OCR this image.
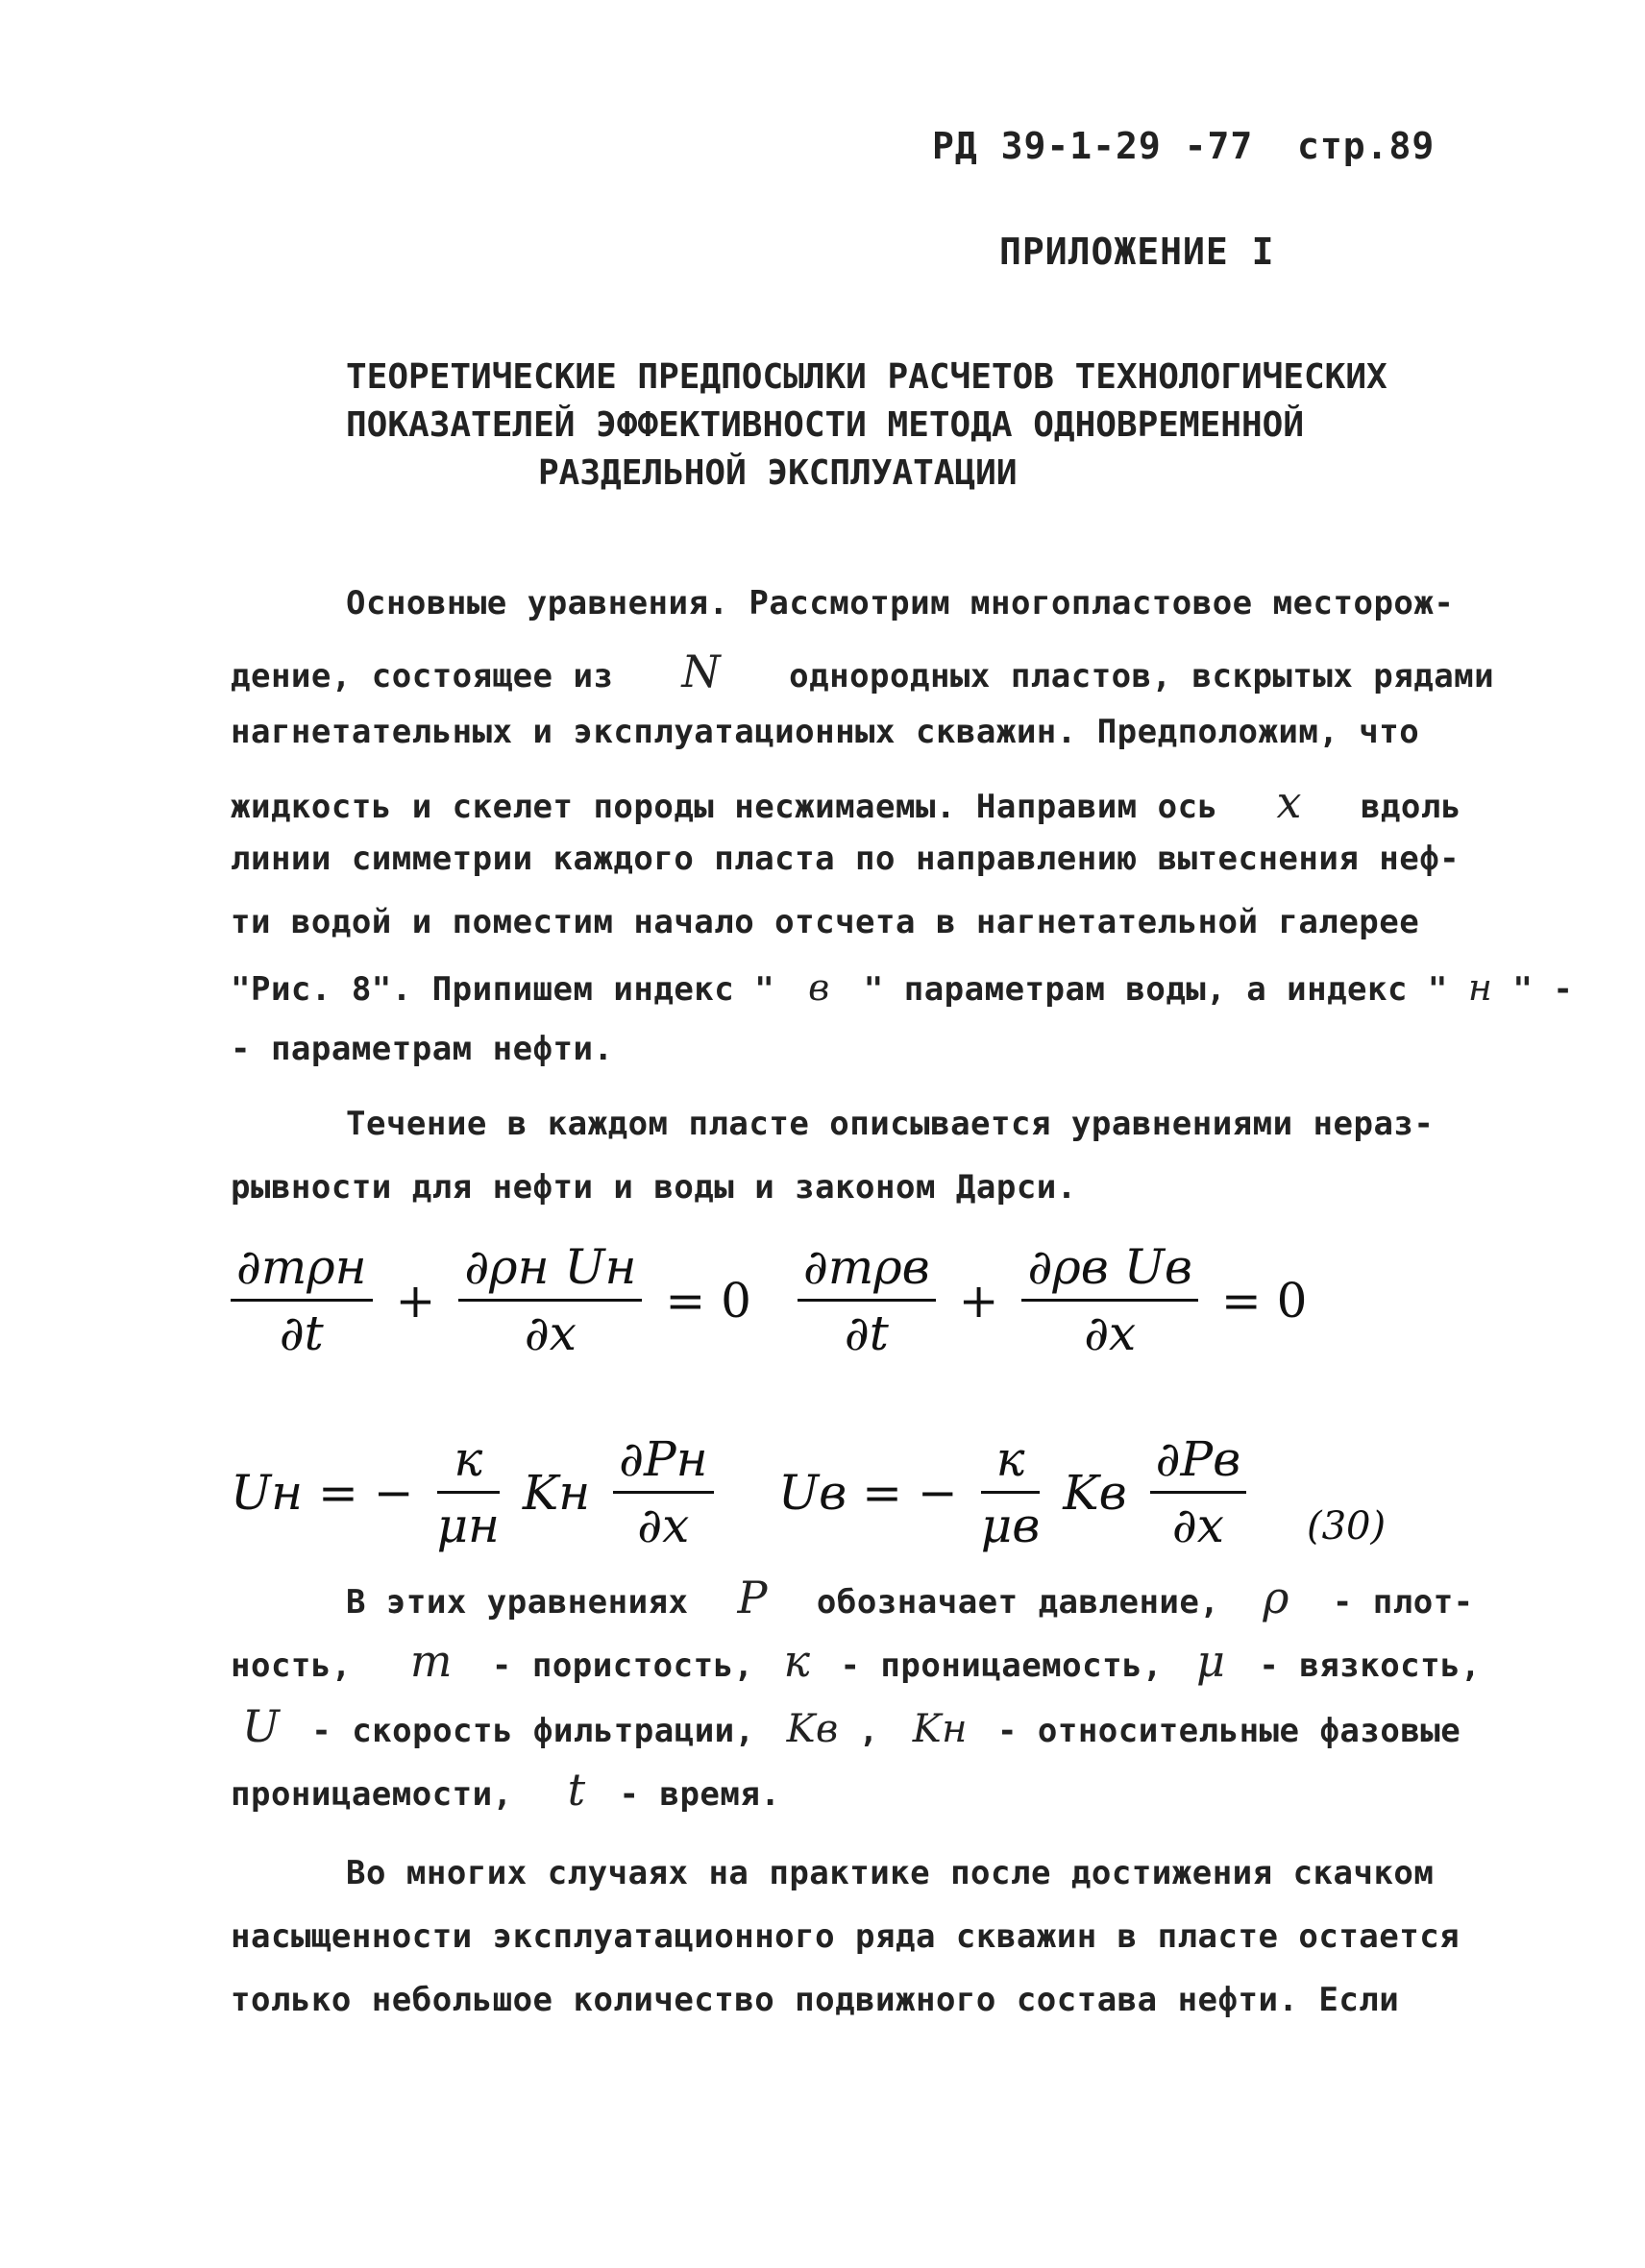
РД 39-1-29 -77 стр.89
ПРИЛОЖЕНИЕ I
ТЕОРЕТИЧЕСКИЕ ПРЕДПОСЫЛКИ РАСЧЕТОВ ТЕХНОЛОГИЧЕСКИХ
ПОКАЗАТЕЛЕЙ ЭФФЕКТИВНОСТИ МЕТОДА ОДНОВРЕМЕННОЙ
РАЗДЕЛЬНОЙ ЭКСПЛУАТАЦИИ
Основные уравнения. Рассмотрим многопластовое месторож-
дение, состоящее из N однородных пластов, вскрытых рядами
нагнетательных и эксплуатационных скважин. Предположим, что
жидкость и скелет породы несжимаемы. Направим ось x вдоль
линии симметрии каждого пласта по направлению вытеснения неф-
ти водой и поместим начало отсчета в нагнетательной галерее
"Рис. 8". Припишем индекс " в " параметрам воды, а индекс " н " -
- параметрам нефти.
Течение в каждом пласте описывается уравнениями нераз-
рывности для нефти и воды и законом Дарси.
$\frac{\text{∂mρн}}{\partial t} + \frac{\text{∂ρн Uн}}{\partial x} = 0 \frac{\text{∂mρв}}{\partial t} + \frac{\text{∂ρв Uв}}{\partial x} = 0$
Uн = − $\frac{к}{\mu н}$ Kн $\frac{\partial Pн}{\partial x}$ Uв = − $\frac{к}{\mu в}$ Kв $\frac{\partial Pв}{\partial x} (30)$
В этих уравнениях P обозначает давление, ρ - плот-
ность, m - пористость, к - проницаемость, μ - вязкость,
U - скорость фильтрации, Kв , Kн - относительные фазовые
проницаемости, t - время.
Во многих случаях на практике после достижения скачком
насыщенности эксплуатационного ряда скважин в пласте остается
только небольшое количество подвижного состава нефти. Если
